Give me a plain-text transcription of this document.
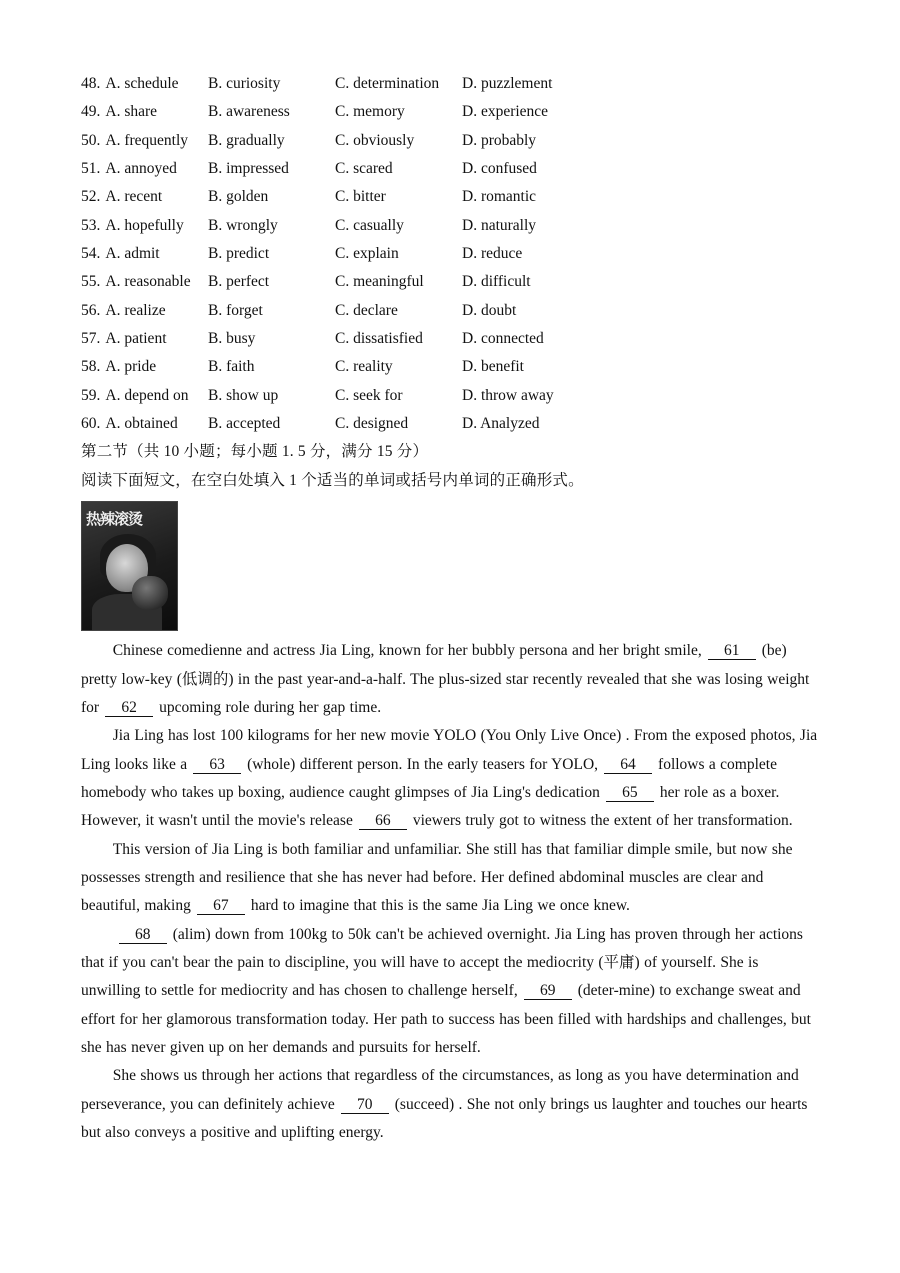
48. A. schedule	B. curiosity	C. determination	D. puzzlement
49. A. share	B. awareness	C. memory	D. experience
50. A. frequently	B. gradually	C. obviously	D. probably
51. A. annoyed	B. impressed	C. scared	D. confused
52. A. recent	B. golden	C. bitter	D. romantic
53. A. hopefully	B. wrongly	C. casually	D. naturally
54. A. admit	B. predict	C. explain	D. reduce
55. A. reasonable	B. perfect	C. meaningful	D. difficult
56. A. realize	B. forget	C. declare	D. doubt
57. A. patient	B. busy	C. dissatisfied	D. connected
58. A. pride	B. faith	C. reality	D. benefit
59. A. depend on	B. show up	C. seek for	D. throw away
60. A. obtained	B. accepted	C. designed	D. Analyzed
第二节（共 10 小题；每小题 1. 5 分，满分 15 分）
阅读下面短文，在空白处填入 1 个适当的单词或括号内单词的正确形式。
热辣滚烫

Chinese comedienne and actress Jia Ling, known for her bubbly persona and her bright smile, 61 (be) pretty low-key (低调的) in the past year-and-a-half. The plus-sized star recently revealed that she was losing weight for 62 upcoming role during her gap time.

Jia Ling has lost 100 kilograms for her new movie YOLO (You Only Live Once) . From the exposed photos, Jia Ling looks like a 63 (whole) different person. In the early teasers for YOLO, 64 follows a complete homebody who takes up boxing, audience caught glimpses of Jia Ling's dedication 65 her role as a boxer. However, it wasn't until the movie's release 66 viewers truly got to witness the extent of her transformation.

This version of Jia Ling is both familiar and unfamiliar. She still has that familiar dimple smile, but now she possesses strength and resilience that she has never had before. Her defined abdominal muscles are clear and beautiful, making 67 hard to imagine that this is the same Jia Ling we once knew.

68 (alim) down from 100kg to 50k can't be achieved overnight. Jia Ling has proven through her actions that if you can't bear the pain to discipline, you will have to accept the mediocrity (平庸) of yourself. She is unwilling to settle for mediocrity and has chosen to challenge herself, 69 (deter-mine) to exchange sweat and effort for her glamorous transformation today. Her path to success has been filled with hardships and challenges, but she has never given up on her demands and pursuits for herself.

She shows us through her actions that regardless of the circumstances, as long as you have determination and perseverance, you can definitely achieve 70 (succeed) . She not only brings us laughter and touches our hearts but also conveys a positive and uplifting energy.
